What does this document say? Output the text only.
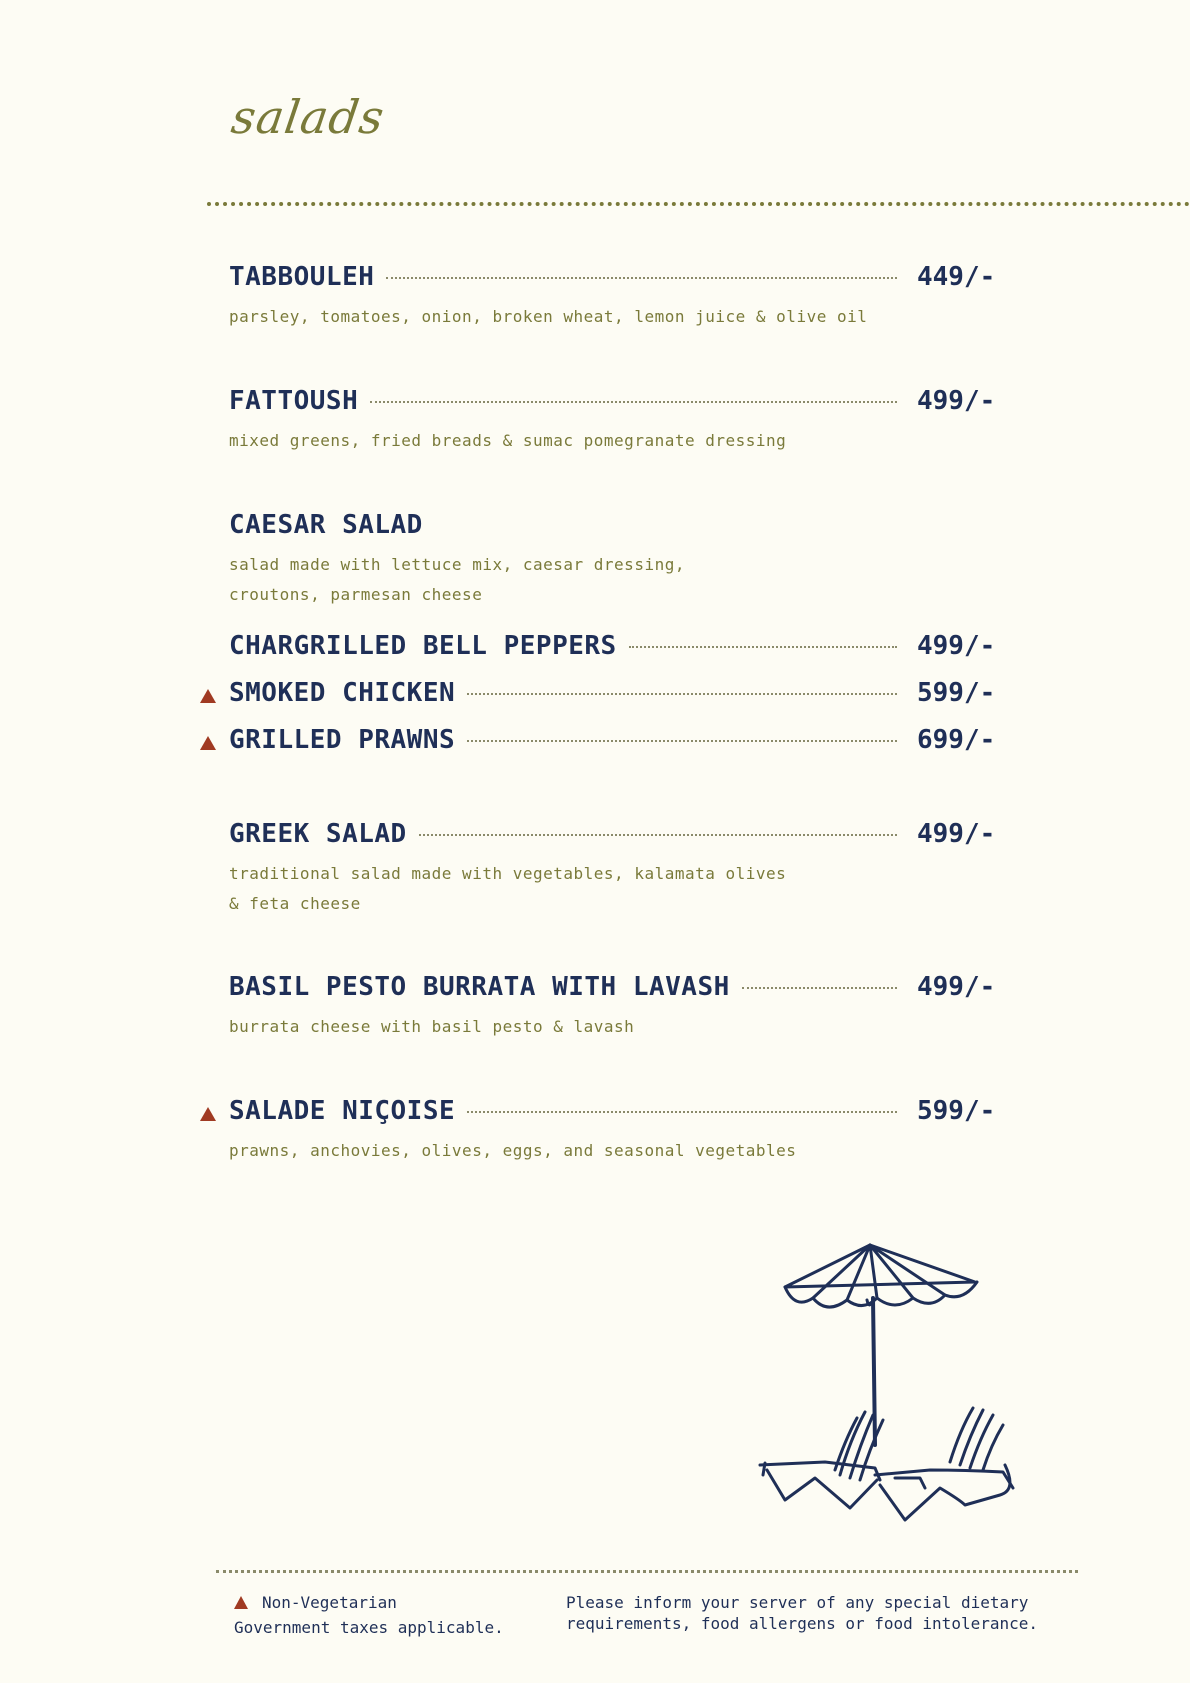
salads
TABBOULEH	449/-
parsley, tomatoes, onion, broken wheat, lemon juice & olive oil
FATTOUSH	499/-
mixed greens, fried breads & sumac pomegranate dressing
CAESAR SALAD
salad made with lettuce mix, caesar dressing,
croutons, parmesan cheese
CHARGRILLED BELL PEPPERS	499/-
SMOKED CHICKEN	599/-
GRILLED PRAWNS	699/-
GREEK SALAD	499/-
traditional salad made with vegetables, kalamata olives
& feta cheese
BASIL PESTO BURRATA WITH LAVASH	499/-
burrata cheese with basil pesto & lavash
SALADE NIÇOISE	599/-
prawns, anchovies, olives, eggs, and seasonal vegetables
Non-Vegetarian
Government taxes applicable.
Please inform your server of any special dietary
requirements, food allergens or food intolerance.
